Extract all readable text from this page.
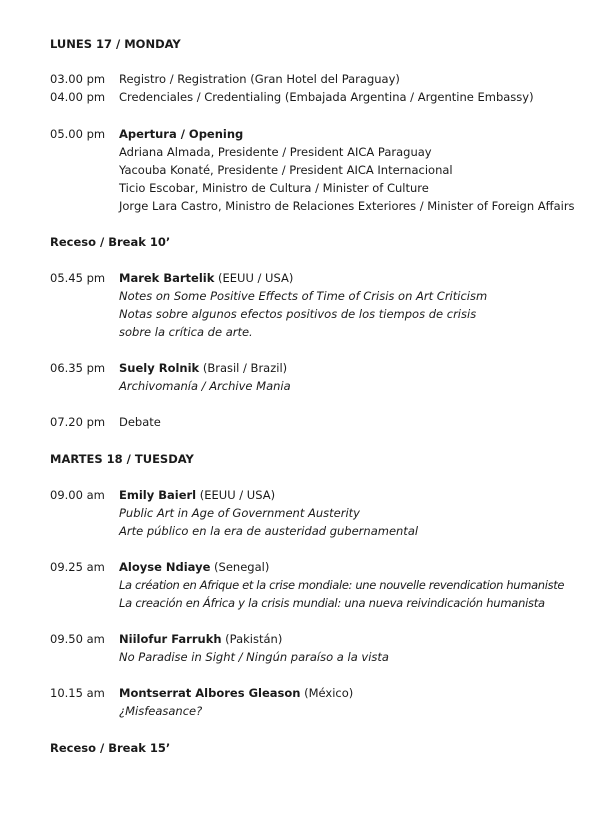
LUNES 17 / MONDAY
03.00 pm Registro / Registration (Gran Hotel del Paraguay)
04.00 pm Credenciales / Credentialing (Embajada Argentina / Argentine Embassy)
05.00 pm Apertura / Opening
Adriana Almada, Presidente / President AICA Paraguay
Yacouba Konaté, Presidente / President AICA Internacional
Ticio Escobar, Ministro de Cultura / Minister of Culture
Jorge Lara Castro, Ministro de Relaciones Exteriores / Minister of Foreign Affairs
Receso / Break 10’
05.45 pm Marek Bartelik (EEUU / USA)
Notes on Some Positive Effects of Time of Crisis on Art Criticism
Notas sobre algunos efectos positivos de los tiempos de crisis
sobre la crítica de arte.
06.35 pm Suely Rolnik (Brasil / Brazil)
Archivomanía / Archive Mania
07.20 pm Debate
MARTES 18 / TUESDAY
09.00 am Emily Baierl (EEUU / USA)
Public Art in Age of Government Austerity
Arte público en la era de austeridad gubernamental
09.25 am Aloyse Ndiaye (Senegal)
La création en Afrique et la crise mondiale: une nouvelle revendication humaniste
La creación en África y la crisis mundial: una nueva reivindicación humanista
09.50 am Niilofur Farrukh (Pakistán)
No Paradise in Sight / Ningún paraíso a la vista
10.15 am Montserrat Albores Gleason (México)
¿Misfeasance?
Receso / Break 15’
